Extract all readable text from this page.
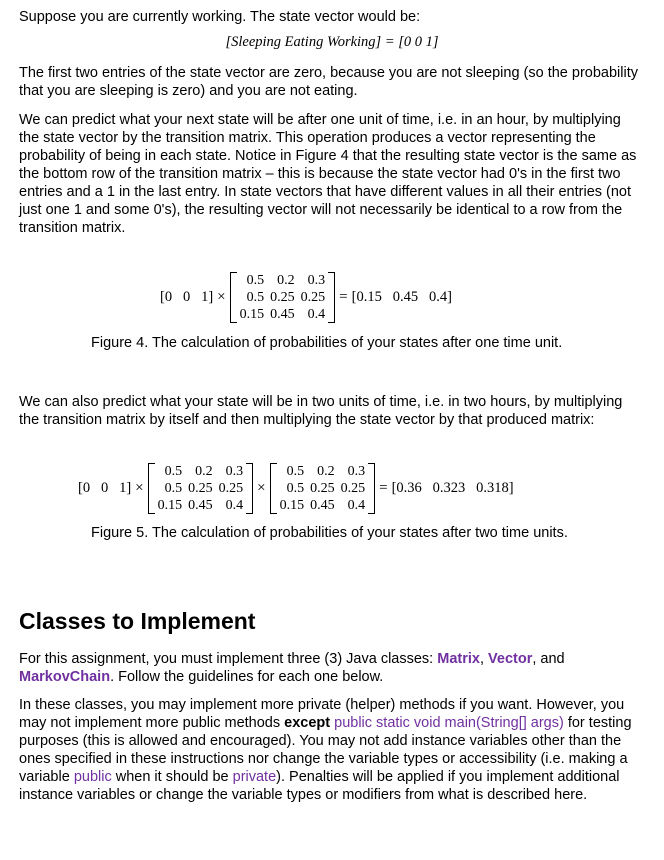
Suppose you are currently working. The state vector would be:

[Sleeping Eating Working] = [0 0 1]

The first two entries of the state vector are zero, because you are not sleeping (so the probability that you are sleeping is zero) and you are not eating.

We can predict what your next state will be after one unit of time, i.e. in an hour, by multiplying the state vector by the transition matrix. This operation produces a vector representing the probability of being in each state. Notice in Figure 4 that the resulting state vector is the same as the bottom row of the transition matrix – this is because the state vector had 0's in the first two entries and a 1 in the last entry. In state vectors that have different values in all their entries (not just one 1 and some 0's), the resulting vector will not necessarily be identical to a row from the transition matrix.

[0   0   1] ×
0.5	0.2	0.3
0.5	0.25	0.25
0.15	0.45	0.4
= [0.15   0.45   0.4]
Figure 4. The calculation of probabilities of your states after one time unit.

We can also predict what your state will be in two units of time, i.e. in two hours, by multiplying the transition matrix by itself and then multiplying the state vector by that produced matrix:

[0   0   1] ×
0.5	0.2	0.3
0.5	0.25	0.25
0.15	0.45	0.4
×
0.5	0.2	0.3
0.5	0.25	0.25
0.15	0.45	0.4
= [0.36   0.323   0.318]
Figure 5. The calculation of probabilities of your states after two time units.
Classes to Implement

For this assignment, you must implement three (3) Java classes: Matrix, Vector, and MarkovChain. Follow the guidelines for each one below.

In these classes, you may implement more private (helper) methods if you want. However, you may not implement more public methods except public static void main(String[] args) for testing purposes (this is allowed and encouraged). You may not add instance variables other than the ones specified in these instructions nor change the variable types or accessibility (i.e. making a variable public when it should be private). Penalties will be applied if you implement additional instance variables or change the variable types or modifiers from what is described here.
